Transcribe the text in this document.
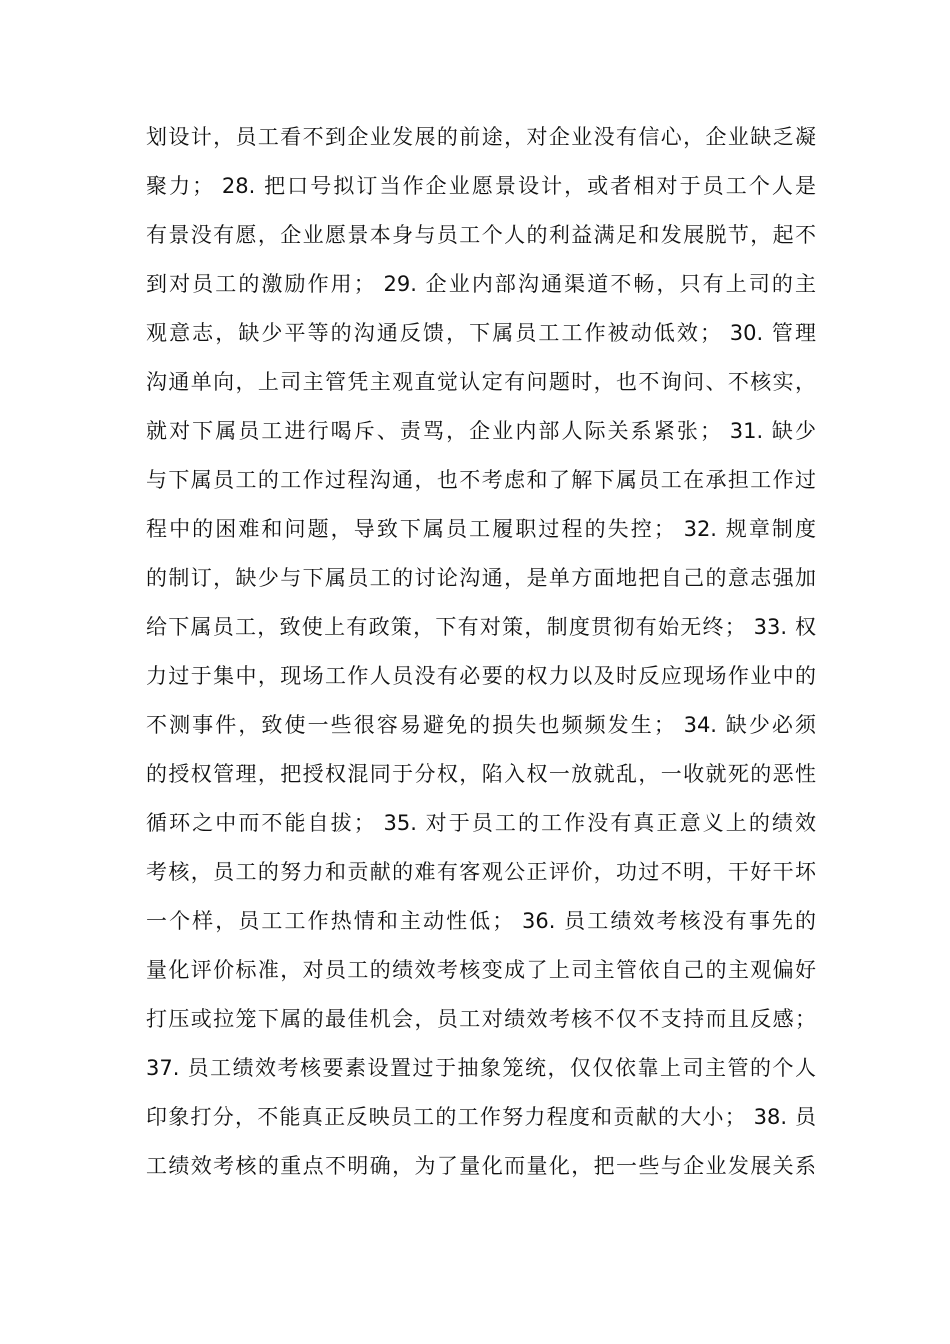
划设计，员工看不到企业发展的前途，对企业没有信心，企业缺乏凝
聚力； 28. 把口号拟订当作企业愿景设计，或者相对于员工个人是
有景没有愿，企业愿景本身与员工个人的利益满足和发展脱节，起不
到对员工的激励作用； 29. 企业内部沟通渠道不畅，只有上司的主
观意志，缺少平等的沟通反馈，下属员工工作被动低效； 30. 管理
沟通单向，上司主管凭主观直觉认定有问题时，也不询问、不核实，
就对下属员工进行喝斥、责骂，企业内部人际关系紧张； 31. 缺少
与下属员工的工作过程沟通，也不考虑和了解下属员工在承担工作过
程中的困难和问题，导致下属员工履职过程的失控； 32. 规章制度
的制订，缺少与下属员工的讨论沟通，是单方面地把自己的意志强加
给下属员工，致使上有政策，下有对策，制度贯彻有始无终； 33. 权
力过于集中，现场工作人员没有必要的权力以及时反应现场作业中的
不测事件，致使一些很容易避免的损失也频频发生； 34. 缺少必须
的授权管理，把授权混同于分权，陷入权一放就乱，一收就死的恶性
循环之中而不能自拔； 35. 对于员工的工作没有真正意义上的绩效
考核，员工的努力和贡献的难有客观公正评价，功过不明，干好干坏
一个样，员工工作热情和主动性低； 36. 员工绩效考核没有事先的
量化评价标准，对员工的绩效考核变成了上司主管依自己的主观偏好
打压或拉笼下属的最佳机会，员工对绩效考核不仅不支持而且反感；
37. 员工绩效考核要素设置过于抽象笼统，仅仅依靠上司主管的个人
印象打分，不能真正反映员工的工作努力程度和贡献的大小； 38. 员
工绩效考核的重点不明确，为了量化而量化，把一些与企业发展关系
